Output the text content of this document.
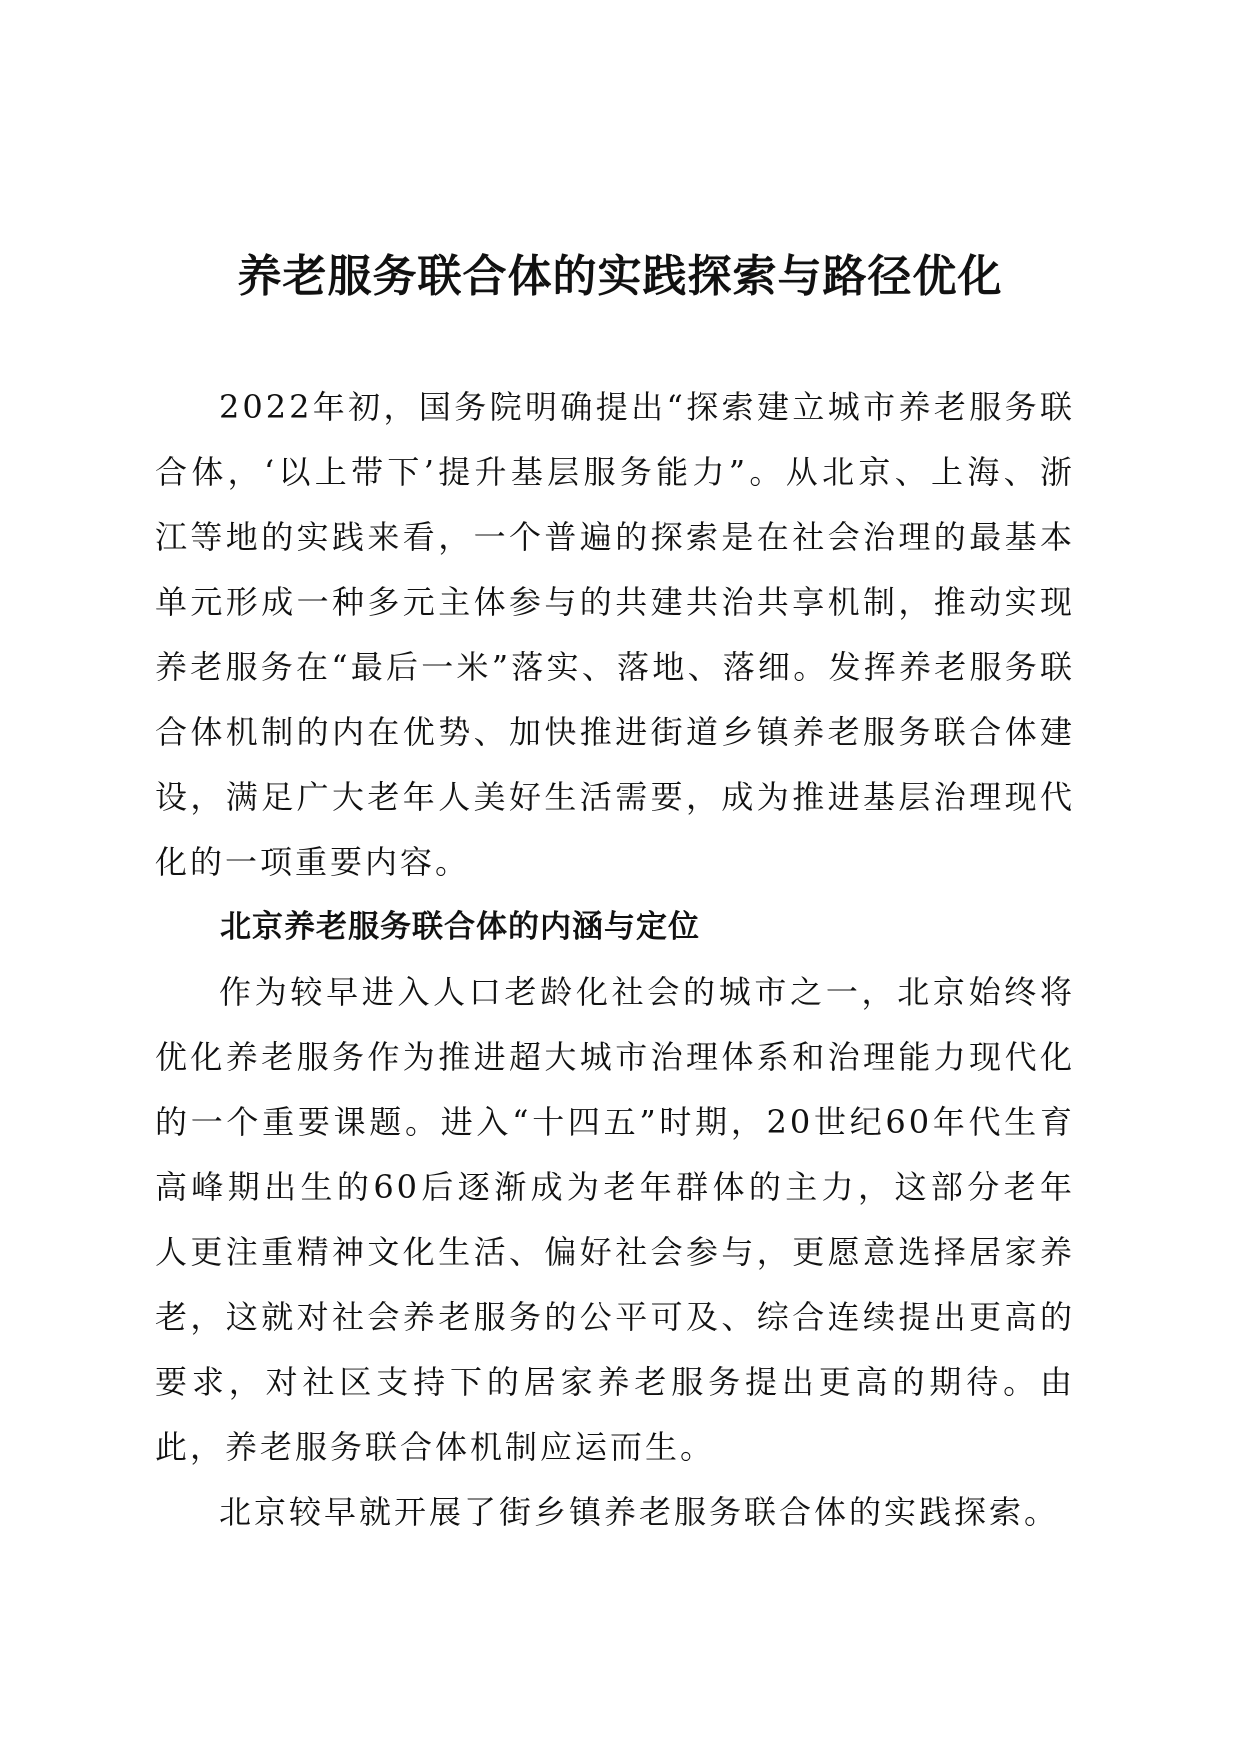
养老服务联合体的实践探索与路径优化

2022年初，国务院明确提出“探索建立城市养老服务联合体，‘以上带下’提升基层服务能力”。从北京、上海、浙江等地的实践来看，一个普遍的探索是在社会治理的最基本单元形成一种多元主体参与的共建共治共享机制，推动实现养老服务在“最后一米”落实、落地、落细。发挥养老服务联合体机制的内在优势、加快推进街道乡镇养老服务联合体建设，满足广大老年人美好生活需要，成为推进基层治理现代化的一项重要内容。

北京养老服务联合体的内涵与定位

作为较早进入人口老龄化社会的城市之一，北京始终将优化养老服务作为推进超大城市治理体系和治理能力现代化的一个重要课题。进入“十四五”时期，20世纪60年代生育高峰期出生的60后逐渐成为老年群体的主力，这部分老年人更注重精神文化生活、偏好社会参与，更愿意选择居家养老，这就对社会养老服务的公平可及、综合连续提出更高的要求，对社区支持下的居家养老服务提出更高的期待。由此，养老服务联合体机制应运而生。

北京较早就开展了街乡镇养老服务联合体的实践探索。
